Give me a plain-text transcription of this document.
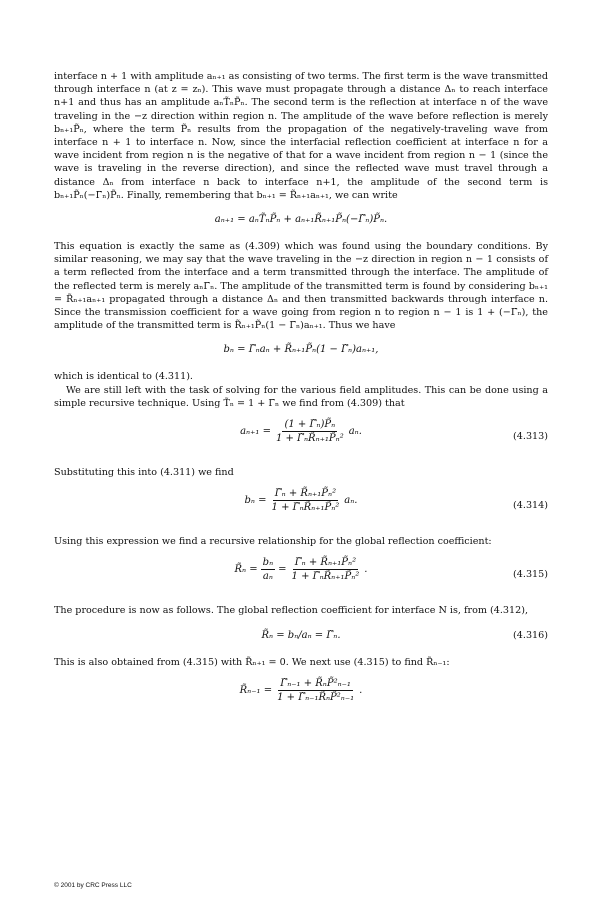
interface n + 1 with amplitude aₙ₊₁ as consisting of two terms. The first term is the wave transmitted through interface n (at z = zₙ). This wave must propagate through a distance Δₙ to reach interface n+1 and thus has an amplitude aₙT̃ₙP̃ₙ. The second term is the reflection at interface n of the wave traveling in the −z direction within region n. The amplitude of the wave before reflection is merely bₙ₊₁P̃ₙ, where the term P̃ₙ results from the propagation of the negatively-traveling wave from interface n + 1 to interface n. Now, since the interfacial reflection coefficient at interface n for a wave incident from region n is the negative of that for a wave incident from region n − 1 (since the wave is traveling in the reverse direction), and since the reflected wave must travel through a distance Δₙ from interface n back to interface n+1, the amplitude of the second term is bₙ₊₁P̃ₙ(−Γ̃ₙ)P̃ₙ. Finally, remembering that bₙ₊₁ = R̃ₙ₊₁aₙ₊₁, we can write

aₙ₊₁ = aₙT̃ₙP̃ₙ + aₙ₊₁R̃ₙ₊₁P̃ₙ(−Γ̃ₙ)P̃ₙ.

This equation is exactly the same as (4.309) which was found using the boundary conditions. By similar reasoning, we may say that the wave traveling in the −z direction in region n − 1 consists of a term reflected from the interface and a term transmitted through the interface. The amplitude of the reflected term is merely aₙΓ̃ₙ. The amplitude of the transmitted term is found by considering bₙ₊₁ = R̃ₙ₊₁aₙ₊₁ propagated through a distance Δₙ and then transmitted backwards through interface n. Since the transmission coefficient for a wave going from region n to region n − 1 is 1 + (−Γ̃ₙ), the amplitude of the transmitted term is R̃ₙ₊₁P̃ₙ(1 − Γ̃ₙ)aₙ₊₁. Thus we have

bₙ = Γ̃ₙaₙ + R̃ₙ₊₁P̃ₙ(1 − Γ̃ₙ)aₙ₊₁,

which is identical to (4.311).

We are still left with the task of solving for the various field amplitudes. This can be done using a simple recursive technique. Using T̃ₙ = 1 + Γ̃ₙ we find from (4.309) that

$a_{n+1} = \frac{\text{(1 + Γ̃ₙ)P̃ₙ}}{\text{1 + Γ̃ₙR̃ₙ₊₁P̃ₙ²}} a_n$.	(4.313)

Substituting this into (4.311) we find

$b_n = \frac{\text{Γ̃ₙ + R̃ₙ₊₁P̃ₙ²}}{\text{1 + Γ̃ₙR̃ₙ₊₁P̃ₙ²}} a_n$.	(4.314)

Using this expression we find a recursive relationship for the global reflection coefficient:

R̃ₙ = $\frac{\text{bₙ}}{\text{aₙ}} = \frac{\text{Γ̃ₙ + R̃ₙ₊₁P̃ₙ²}}{\text{1 + Γ̃ₙR̃ₙ₊₁P̃ₙ²}}$ .	(4.315)

The procedure is now as follows. The global reflection coefficient for interface N is, from (4.312),

R̃ₙ = bₙ/aₙ = Γ̃ₙ.	(4.316)

This is also obtained from (4.315) with R̃ₙ₊₁ = 0. We next use (4.315) to find R̃ₙ₋₁:

R̃ₙ₋₁ = $\frac{\text{Γ̃ₙ₋₁ + R̃ₙP̃²ₙ₋₁}}{\text{1 + Γ̃ₙ₋₁R̃ₙP̃²ₙ₋₁}}$ .
© 2001 by CRC Press LLC
